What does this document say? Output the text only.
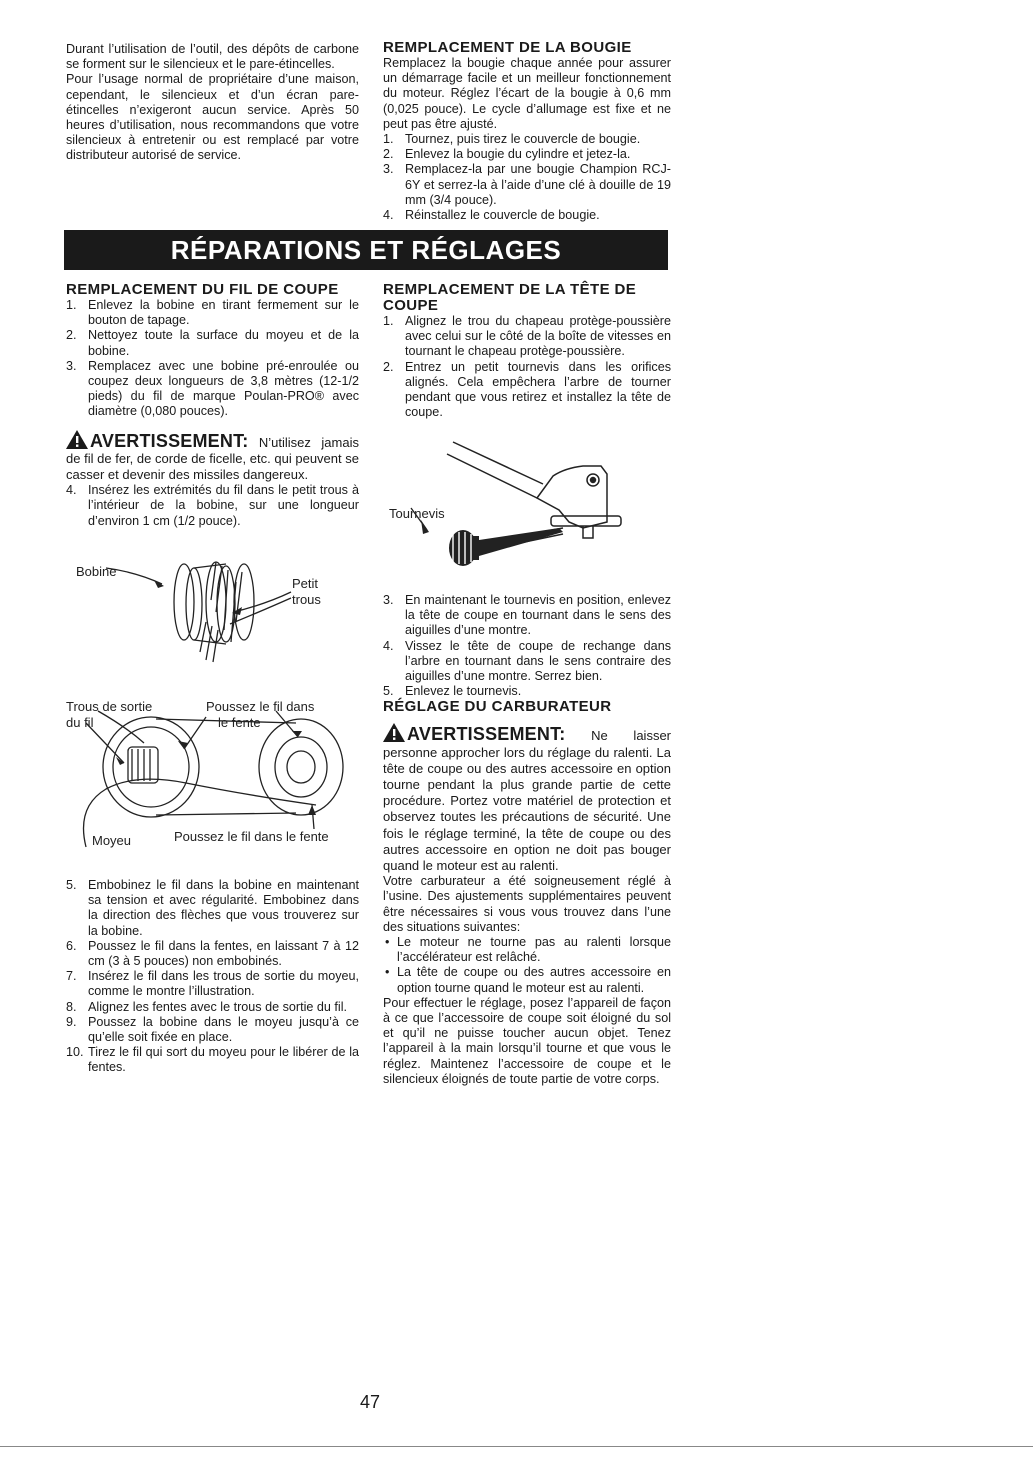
Durant l’utilisation de l’outil, des dépôts de carbone se forment sur le silencieux et le pare-étincelles.

Pour l’usage normal de propriétaire d’une maison, cependant, le silencieux et d’un écran pare-étincelles n’exigeront aucun service. Après 50 heures d’utilisation, nous recommandons que votre silencieux à entretenir ou est remplacé par votre distributeur autorisé de service.

REMPLACEMENT DE LA BOUGIE

Remplacez la bougie chaque année pour assurer un démarrage facile et un meilleur fonctionnement du moteur. Réglez l’écart de la bougie à 0,6 mm (0,025 pouce). Le cycle d’allumage est fixe et ne peut pas être ajusté.

1. Tournez, puis tirez le couvercle de bougie.
2. Enlevez la bougie du cylindre et jetez-la.
3. Remplacez-la par une bougie Champion RCJ-6Y et serrez-la à l’aide d’une clé à douille de 19 mm (3/4 pouce).
4. Réinstallez le couvercle de bougie.
RÉPARATIONS ET RÉGLAGES
REMPLACEMENT DU FIL DE COUPE
1. Enlevez la bobine en tirant fermement sur le bouton de tapage.
2. Nettoyez toute la surface du moyeu et de la bobine.
3. Remplacez avec une bobine pré-enroulée ou coupez deux longueurs de 3,8 mètres (12-1/2 pieds) du fil de marque Poulan-PRO® avec diamètre (0,080 pouces).

AVERTISSEMENT: N’utilisez jamais de fil de fer, de corde de ficelle, etc. qui peuvent se casser et devenir des missiles dangereux.

4. Insérez les extrémités du fil dans le petit trous à l’intérieur de la bobine, sur une longueur d’environ 1 cm (1/2 pouce).
Bobine
Petit
trous
Trous de sortie
du fil
Poussez le fil dans
le fente
Moyeu	Poussez le fil dans le fente
5. Embobinez le fil dans la bobine en maintenant sa tension et avec régularité. Embobinez dans la direction des flèches que vous trouverez sur la bobine.
6. Poussez le fil dans la fentes, en laissant 7 à 12 cm (3 à 5 pouces) non embobinés.
7. Insérez le fil dans les trous de sortie du moyeu, comme le montre l’illustration.
8. Alignez les fentes avec le trous de sortie du fil.
9. Poussez la bobine dans le moyeu jusqu’à ce qu’elle soit fixée en place.
10. Tirez le fil qui sort du moyeu pour le libérer de la fentes.
REMPLACEMENT DE LA TÊTE DE COUPE
1. Alignez le trou du chapeau protège-poussière avec celui sur le côté de la boîte de vitesses en tournant le chapeau protège-poussière.
2. Entrez un petit tournevis dans les orifices alignés. Cela empêchera l’arbre de tourner pendant que vous retirez et installez la tête de coupe.
Tournevis
3. En maintenant le tournevis en position, enlevez la tête de coupe en tournant dans le sens des aiguilles d’une montre.
4. Vissez le tête de coupe de rechange dans l’arbre en tournant dans le sens contraire des aiguilles d’une montre. Serrez bien.
5. Enlevez le tournevis.
RÉGLAGE DU CARBURATEUR

AVERTISSEMENT: Ne laisser personne approcher lors du réglage du ralenti. La tête de coupe ou des autres accessoire en option tourne pendant la plus grande partie de cette procédure. Portez votre matériel de protection et observez toutes les précautions de sécurité. Une fois le réglage terminé, la tête de coupe ou des autres accessoire en option ne doit pas bouger quand le moteur est au ralenti.

Votre carburateur a été soigneusement réglé à l’usine. Des ajustements supplémentaires peuvent être nécessaires si vous vous trouvez dans l’une des situations suivantes:

• Le moteur ne tourne pas au ralenti lorsque l’accélérateur est relâché.
• La tête de coupe ou des autres accessoire en option tourne quand le moteur est au ralenti.

Pour effectuer le réglage, posez l’appareil de façon à ce que l’accessoire de coupe soit éloigné du sol et qu’il ne puisse toucher aucun objet. Tenez l’appareil à la main lorsqu’il tourne et que vous le réglez. Maintenez l’accessoire de coupe et le silencieux éloignés de toute partie de votre corps.

47
